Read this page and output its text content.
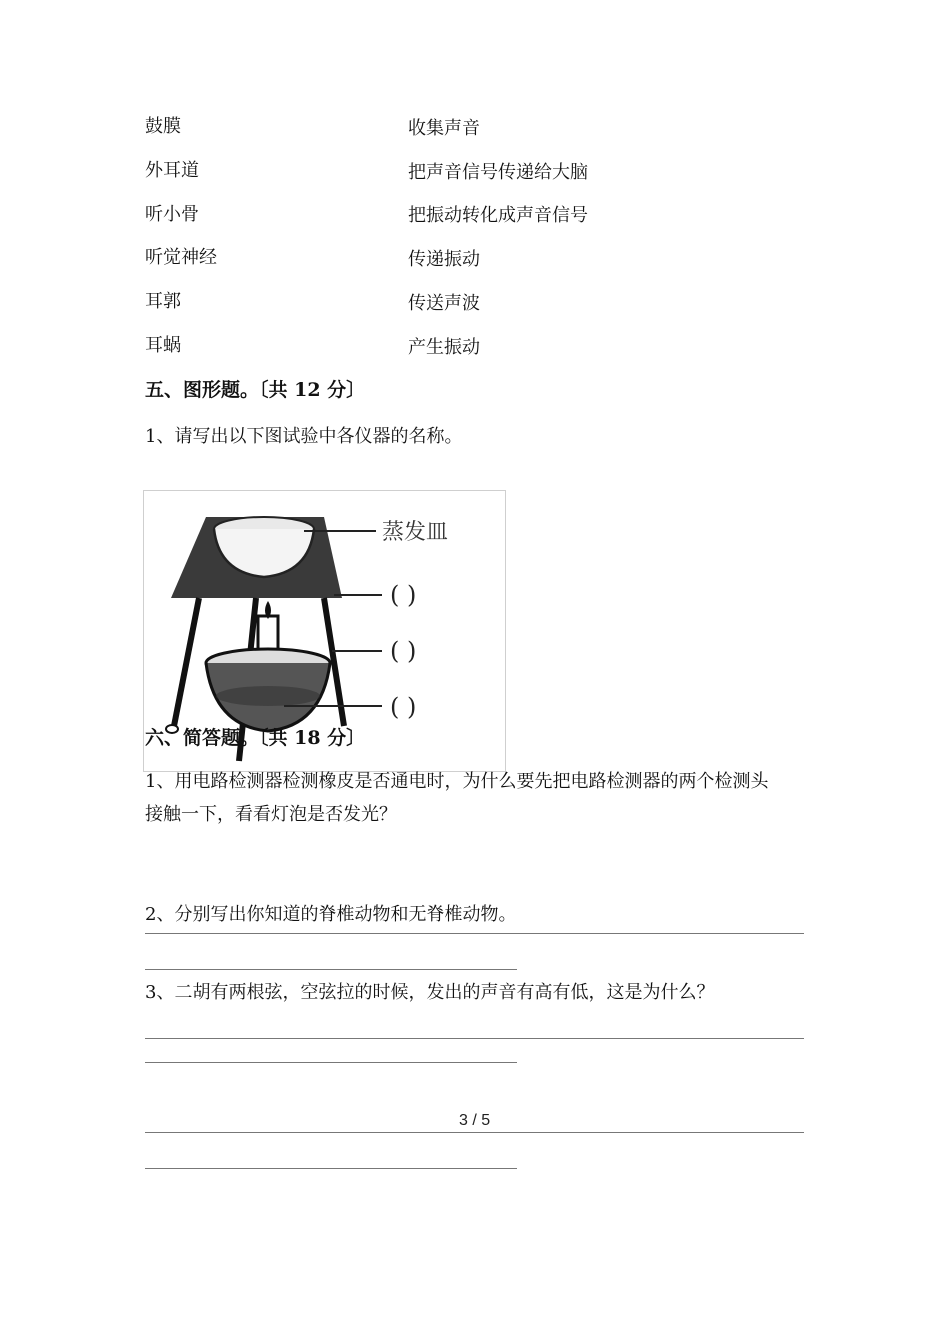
鼓膜
外耳道
听小骨
听觉神经
耳郭
耳蜗
收集声音
把声音信号传递给大脑
把振动转化成声音信号
传递振动
传送声波
产生振动
五、图形题。〔共 12 分〕
1、请写出以下图试验中各仪器的名称。
蒸发皿
( )
( )
( )
六、简答题。〔共 18 分〕
1、用电路检测器检测橡皮是否通电时，为什么要先把电路检测器的两个检测头
接触一下，看看灯泡是否发光？
2、分别写出你知道的脊椎动物和无脊椎动物。
3、二胡有两根弦，空弦拉的时候，发出的声音有高有低，这是为什么？
3 / 5
